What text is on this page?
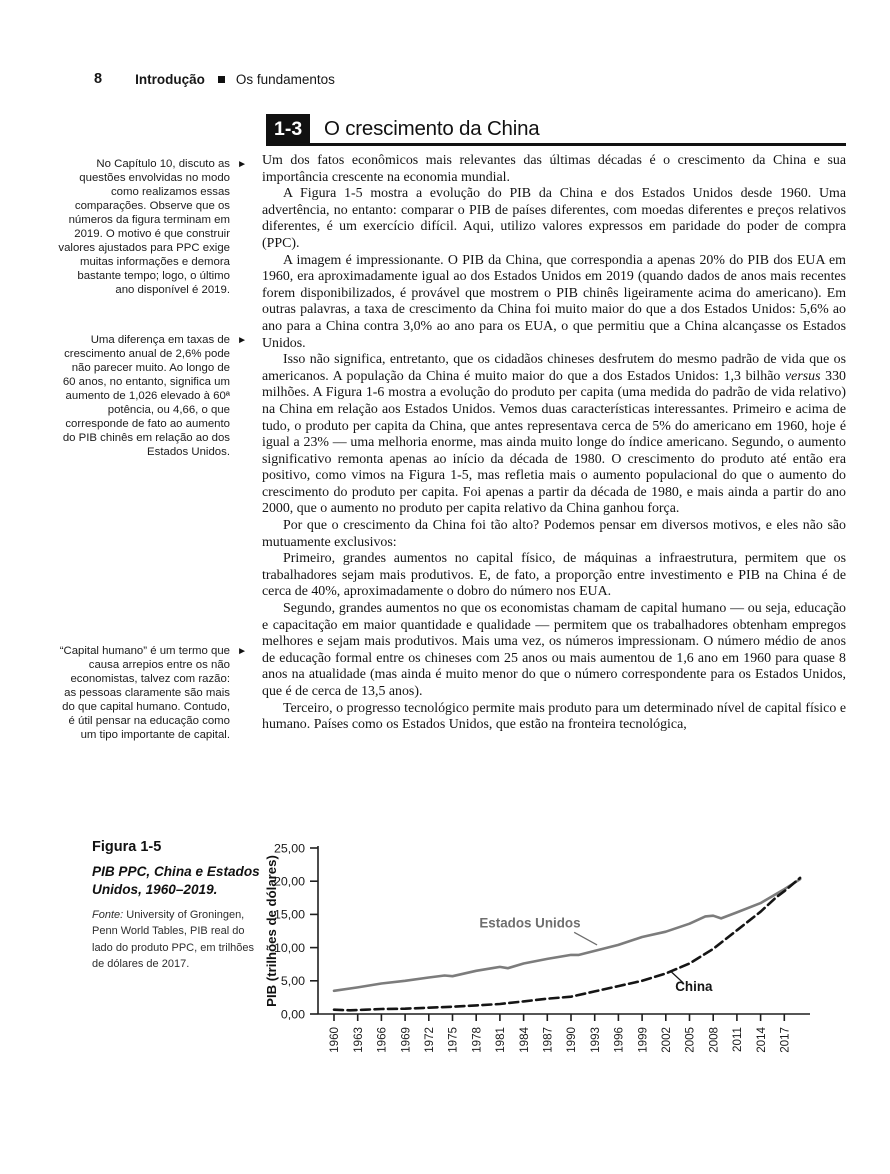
8 Introdução Os fundamentos
1-3	O crescimento da China
►
No Capítulo 10, discuto as questões envolvidas no modo como realizamos essas comparações. Observe que os números da figura terminam em 2019. O motivo é que construir valores ajustados para PPC exige muitas informações e demora bastante tempo; logo, o último ano disponível é 2019.
►
Uma diferença em taxas de crescimento anual de 2,6% pode não parecer muito. Ao longo de 60 anos, no entanto, significa um aumento de 1,026 elevado à 60ª potência, ou 4,66, o que corresponde de fato ao aumento do PIB chinês em relação ao dos Estados Unidos.
►
“Capital humano” é um termo que causa arrepios entre os não economistas, talvez com razão: as pessoas claramente são mais do que capital humano. Contudo, é útil pensar na educação como um tipo importante de capital.

Um dos fatos econômicos mais relevantes das últimas décadas é o crescimento da China e sua importância crescente na economia mundial.

A Figura 1-5 mostra a evolução do PIB da China e dos Estados Unidos desde 1960. Uma advertência, no entanto: comparar o PIB de países diferentes, com moedas diferentes e preços relativos diferentes, é um exercício difícil. Aqui, utilizo valores expressos em paridade do poder de compra (PPC).

A imagem é impressionante. O PIB da China, que correspondia a apenas 20% do PIB dos EUA em 1960, era aproximadamente igual ao dos Estados Unidos em 2019 (quando dados de anos mais recentes forem disponibilizados, é provável que mostrem o PIB chinês ligeiramente acima do americano). Em outras palavras, a taxa de crescimento da China foi muito maior do que a dos Estados Unidos: 5,6% ao ano para a China contra 3,0% ao ano para os EUA, o que permitiu que a China alcançasse os Estados Unidos.

Isso não significa, entretanto, que os cidadãos chineses desfrutem do mesmo padrão de vida que os americanos. A população da China é muito maior do que a dos Estados Unidos: 1,3 bilhão versus 330 milhões. A Figura 1-6 mostra a evolução do produto per capita (uma medida do padrão de vida relativo) na China em relação aos Estados Unidos. Vemos duas características interessantes. Primeiro e acima de tudo, o produto per capita da China, que antes representava cerca de 5% do americano em 1960, hoje é igual a 23% — uma melhoria enorme, mas ainda muito longe do índice americano. Segundo, o aumento significativo remonta apenas ao início da década de 1980. O crescimento do produto até então era positivo, como vimos na Figura 1-5, mas refletia mais o aumento populacional do que o aumento do crescimento do produto per capita. Foi apenas a partir da década de 1980, e mais ainda a partir do ano 2000, que o aumento no produto per capita relativo da China ganhou força.

Por que o crescimento da China foi tão alto? Podemos pensar em diversos motivos, e eles não são mutuamente exclusivos:

Primeiro, grandes aumentos no capital físico, de máquinas a infraestrutura, permitem que os trabalhadores sejam mais produtivos. E, de fato, a proporção entre investimento e PIB na China é de cerca de 40%, aproximadamente o dobro do número nos EUA.

Segundo, grandes aumentos no que os economistas chamam de capital humano — ou seja, educação e capacitação em maior quantidade e qualidade — permitem que os trabalhadores obtenham empregos melhores e sejam mais produtivos. Mais uma vez, os números impressionam. O número médio de anos de educação formal entre os chineses com 25 anos ou mais aumentou de 1,6 ano em 1960 para quase 8 anos na atualidade (mas ainda é muito menor do que o número correspondente para os Estados Unidos, que é de cerca de 13,5 anos).

Terceiro, o progresso tecnológico permite mais produto para um determinado nível de capital físico e humano. Países como os Estados Unidos, que estão na fronteira tecnológica,

Figura 1-5
PIB PPC, China e Estados Unidos, 1960–2019.
Fonte: University of Groningen, Penn World Tables, PIB real do lado do produto PPC, em trilhões de dólares de 2017.
0,00
5,00
10,00
15,00
20,00
25,00
1960 1963 1966 1969 1972 1975 1978 1981 1984 1987 1990 1993 1996 1999 2002 2005 2008 2011 2014 2017
PIB (trilhões de dólares)	Estados Unidos
China
